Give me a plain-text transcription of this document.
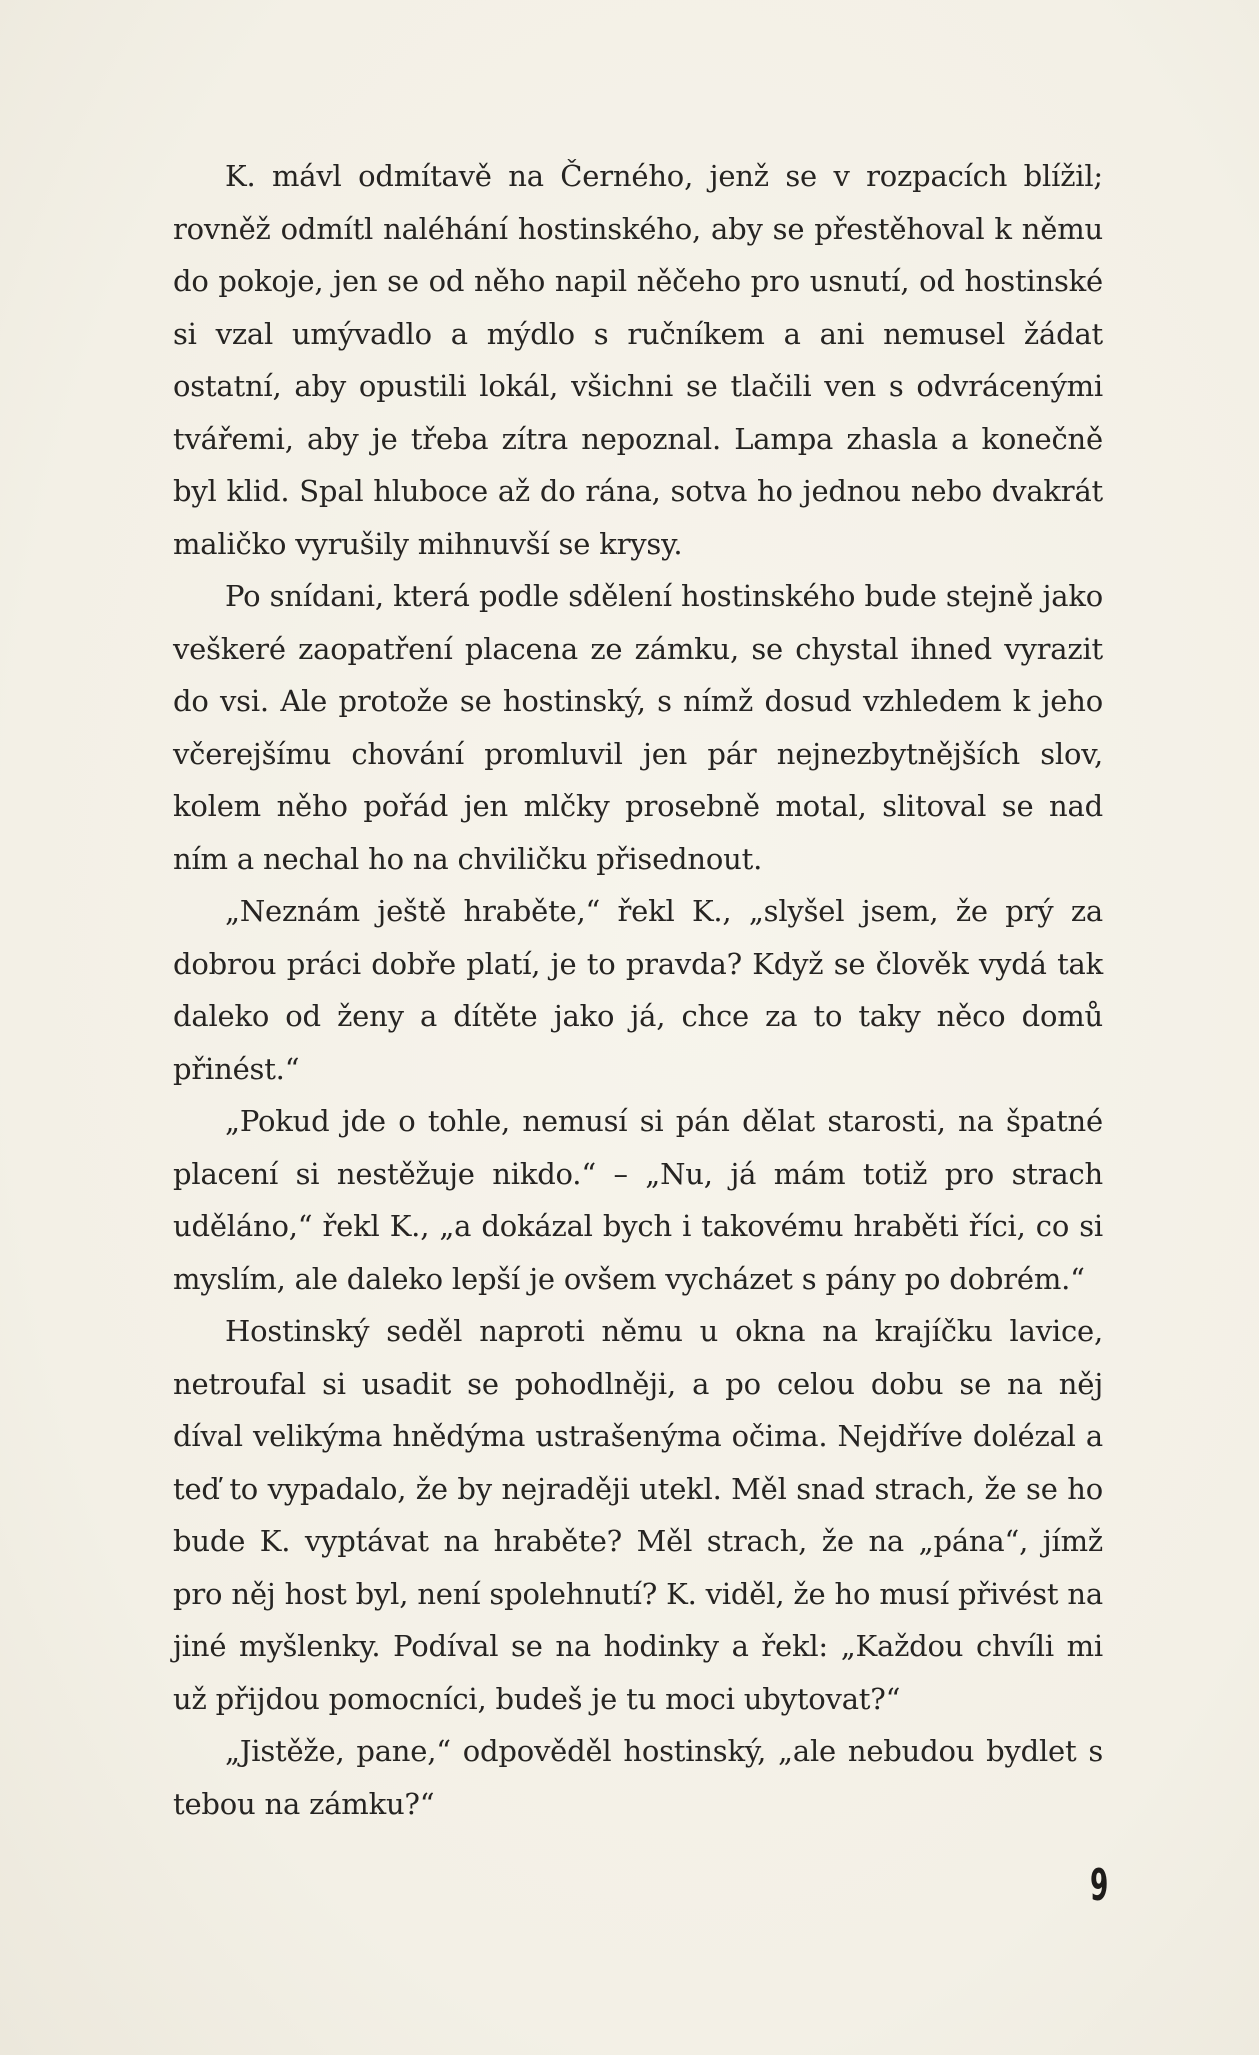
K. mávl odmítavě na Černého, jenž se v rozpacích blížil; rovněž odmítl naléhání hostinského, aby se přestěhoval k němu do pokoje, jen se od něho napil něčeho pro usnutí, od hostinské si vzal umývadlo a mýdlo s ručníkem a ani nemusel žádat ostatní, aby opustili lokál, všichni se tlačili ven s odvrácenými tvářemi, aby je třeba zítra nepoznal. Lampa zhasla a konečně byl klid. Spal hluboce až do rána, sotva ho jednou nebo dvakrát maličko vyrušily mihnuvší se krysy.

Po snídani, která podle sdělení hostinského bude stejně jako veškeré zaopatření placena ze zámku, se chystal ihned vyrazit do vsi. Ale protože se hostinský, s nímž dosud vzhledem k jeho včerejšímu chování promluvil jen pár nejnezbytnějších slov, kolem něho pořád jen mlčky prosebně motal, slitoval se nad ním a nechal ho na chviličku přisednout.

„Neznám ještě hraběte,“ řekl K., „slyšel jsem, že prý za dobrou práci dobře platí, je to pravda? Když se člověk vydá tak daleko od ženy a dítěte jako já, chce za to taky něco domů přinést.“

„Pokud jde o tohle, nemusí si pán dělat starosti, na špatné placení si nestěžuje nikdo.“ – „Nu, já mám totiž pro strach uděláno,“ řekl K., „a dokázal bych i takovému hraběti říci, co si myslím, ale daleko lepší je ovšem vycházet s pány po dobrém.“

Hostinský seděl naproti němu u okna na krajíčku lavice, netroufal si usadit se pohodlněji, a po celou dobu se na něj díval velikýma hnědýma ustrašenýma očima. Nejdříve dolézal a teď to vypadalo, že by nejraději utekl. Měl snad strach, že se ho bude K. vyptávat na hraběte? Měl strach, že na „pána“, jímž pro něj host byl, není spolehnutí? K. viděl, že ho musí přivést na jiné myšlenky. Podíval se na hodinky a řekl: „Každou chvíli mi už přijdou pomocníci, budeš je tu moci ubytovat?“

„Jistěže, pane,“ odpověděl hostinský, „ale nebudou bydlet s tebou na zámku?“

9
